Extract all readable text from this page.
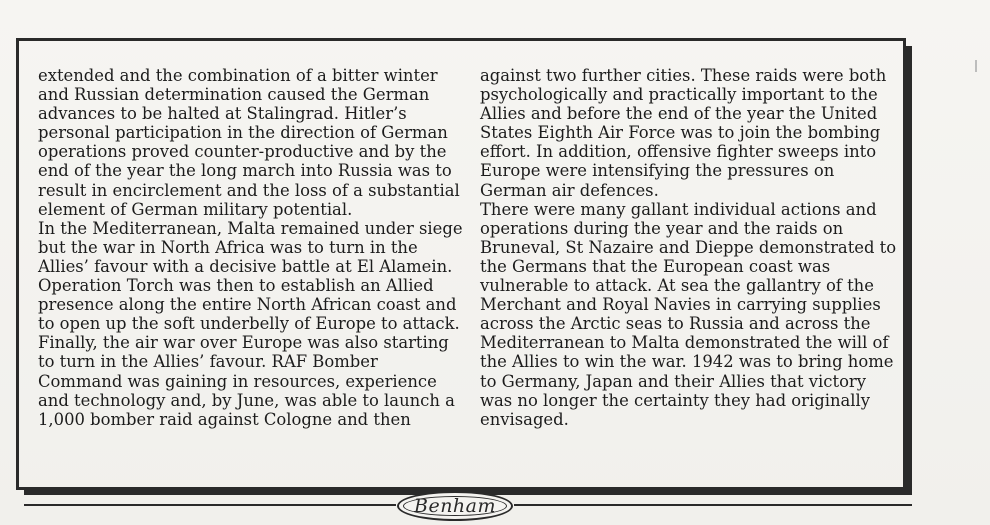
extended and the combination of a bitter winter
and Russian determination caused the German
advances to be halted at Stalingrad. Hitler’s
personal participation in the direction of German
operations proved counter-productive and by the
end of the year the long march into Russia was to
result in encirclement and the loss of a substantial
element of German military potential.
In the Mediterranean, Malta remained under siege
but the war in North Africa was to turn in the
Allies’ favour with a decisive battle at El Alamein.
Operation Torch was then to establish an Allied
presence along the entire North African coast and
to open up the soft underbelly of Europe to attack.
Finally, the air war over Europe was also starting
to turn in the Allies’ favour. RAF Bomber
Command was gaining in resources, experience
and technology and, by June, was able to launch a
1,000 bomber raid against Cologne and then
against two further cities. These raids were both
psychologically and practically important to the
Allies and before the end of the year the United
States Eighth Air Force was to join the bombing
effort. In addition, offensive fighter sweeps into
Europe were intensifying the pressures on
German air defences.
There were many gallant individual actions and
operations during the year and the raids on
Bruneval, St Nazaire and Dieppe demonstrated to
the Germans that the European coast was
vulnerable to attack. At sea the gallantry of the
Merchant and Royal Navies in carrying supplies
across the Arctic seas to Russia and across the
Mediterranean to Malta demonstrated the will of
the Allies to win the war. 1942 was to bring home
to Germany, Japan and their Allies that victory
was no longer the certainty they had originally
envisaged.
Benham
